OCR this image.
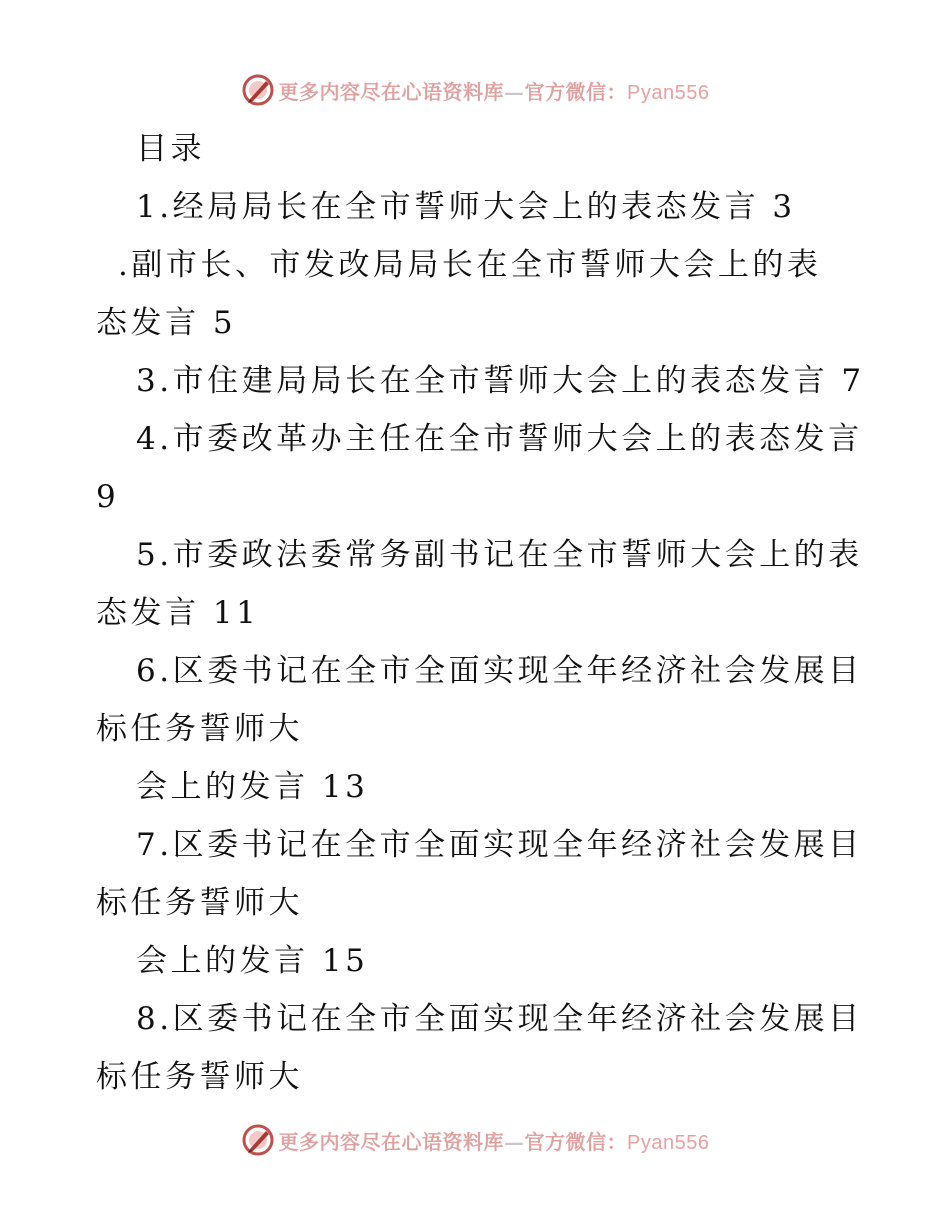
更多内容尽在心语资料库—官方微信：Pyan556
目录
1.经局局长在全市誓师大会上的表态发言 3
.副市长、市发改局局长在全市誓师大会上的表
态发言 5
3.市住建局局长在全市誓师大会上的表态发言 7
4.市委改革办主任在全市誓师大会上的表态发言
9
5.市委政法委常务副书记在全市誓师大会上的表
态发言 11
6.区委书记在全市全面实现全年经济社会发展目
标任务誓师大
会上的发言 13
7.区委书记在全市全面实现全年经济社会发展目
标任务誓师大
会上的发言 15
8.区委书记在全市全面实现全年经济社会发展目
标任务誓师大
更多内容尽在心语资料库—官方微信：Pyan556
